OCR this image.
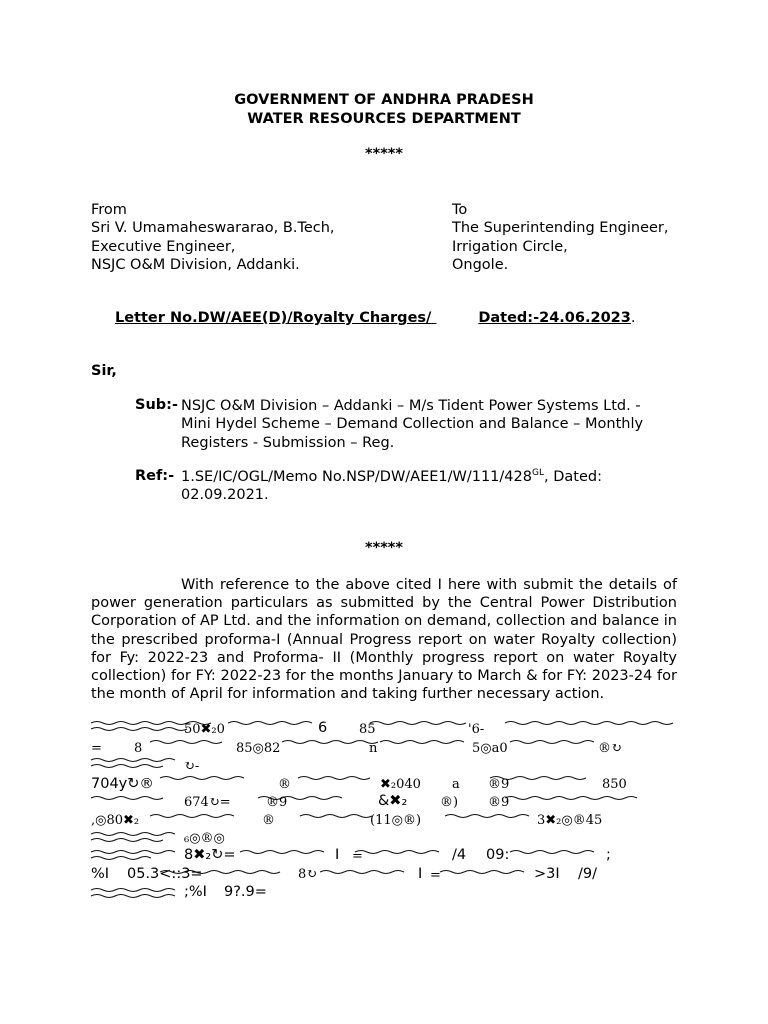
GOVERNMENT OF ANDHRA PRADESH
WATER RESOURCES DEPARTMENT
*****
From
Sri V. Umamaheswararao, B.Tech,
Executive Engineer,
NSJC O&M Division, Addanki.
To
The Superintending Engineer,
Irrigation Circle,
Ongole.
Letter No.DW/AEE(D)/Royalty Charges/	Dated:-24.06.2023.
Sir,
Sub:- NSJC O&M Division – Addanki – M/s Tident Power Systems Ltd. -
Mini Hydel Scheme – Demand Collection and Balance – Monthly
Registers - Submission – Reg.
Ref:- 1.SE/IC/OGL/Memo $No.NSP/DW/AEE1/W/111/428^{GL}$, Dated:
02.09.2021.
*****
With reference to the above cited I here with submit the details of power generation particulars as submitted by the Central Power Distribution Corporation of AP Ltd. and the information on demand, collection and balance in the prescribed proforma-I (Annual Progress report on water Royalty collection) for Fy: 2022-23 and Proforma- II (Monthly progress report on water Royalty collection) for FY: 2022-23 for the months January to March & for FY: 2023-24 for the month of April for information and taking further necessary action.
50✖₂0	6 85	'6-
= 8	85◎82	n	5◎a0	®↻
↻-
704y↻®	®	✖₂040 a ®9	850
674↻=	®9	&✖₂	®) ®9
,◎80✖₂	®	(11◎®)	3✖₂◎®45
₆◎®◎
8✖₂↻=	I =	/4 09:	;
%I 05.3<::3=	8↻	I =	>3I /9/
;%I 9?.9=
